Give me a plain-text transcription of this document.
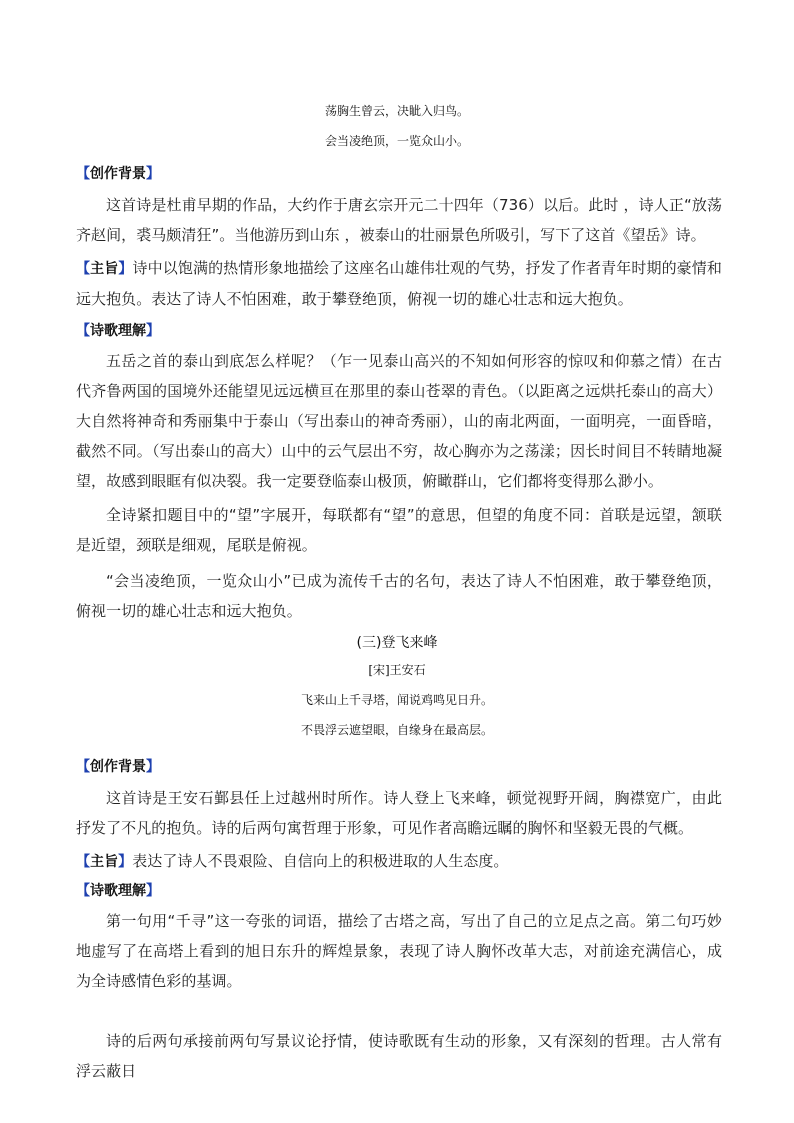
荡胸生曾云，决眦入归鸟。

会当凌绝顶，一览众山小。

【创作背景】

这首诗是杜甫早期的作品，大约作于唐玄宗开元二十四年（736）以后。此时 ，诗人正“放荡齐赵间，裘马颇清狂”。当他游历到山东 ，被泰山的壮丽景色所吸引，写下了这首《望岳》诗。

【主旨】诗中以饱满的热情形象地描绘了这座名山雄伟壮观的气势，抒发了作者青年时期的豪情和远大抱负。表达了诗人不怕困难，敢于攀登绝顶，俯视一切的雄心壮志和远大抱负。

【诗歌理解】

五岳之首的泰山到底怎么样呢？（乍一见泰山高兴的不知如何形容的惊叹和仰慕之情）在古代齐鲁两国的国境外还能望见远远横亘在那里的泰山苍翠的青色。（以距离之远烘托泰山的高大）大自然将神奇和秀丽集中于泰山（写出泰山的神奇秀丽），山的南北两面，一面明亮，一面昏暗，截然不同。（写出泰山的高大）山中的云气层出不穷，故心胸亦为之荡漾；因长时间目不转睛地凝望，故感到眼眶有似决裂。我一定要登临泰山极顶，俯瞰群山，它们都将变得那么渺小。

全诗紧扣题目中的“望”字展开，每联都有“望”的意思，但望的角度不同：首联是远望，颔联是近望，颈联是细观，尾联是俯视。

“会当凌绝顶，一览众山小”已成为流传千古的名句，表达了诗人不怕困难，敢于攀登绝顶，俯视一切的雄心壮志和远大抱负。

(三)登飞来峰

[宋]王安石

飞来山上千寻塔，闻说鸡鸣见日升。

不畏浮云遮望眼，自缘身在最高层。

【创作背景】

这首诗是王安石鄞县任上过越州时所作。诗人登上飞来峰，顿觉视野开阔，胸襟宽广，由此抒发了不凡的抱负。诗的后两句寓哲理于形象，可见作者高瞻远瞩的胸怀和坚毅无畏的气概。

【主旨】表达了诗人不畏艰险、自信向上的积极进取的人生态度。

【诗歌理解】

第一句用“千寻”这一夸张的词语，描绘了古塔之高，写出了自己的立足点之高。第二句巧妙地虚写了在高塔上看到的旭日东升的辉煌景象，表现了诗人胸怀改革大志，对前途充满信心，成为全诗感情色彩的基调。

诗的后两句承接前两句写景议论抒情，使诗歌既有生动的形象，又有深刻的哲理。古人常有浮云蔽日
